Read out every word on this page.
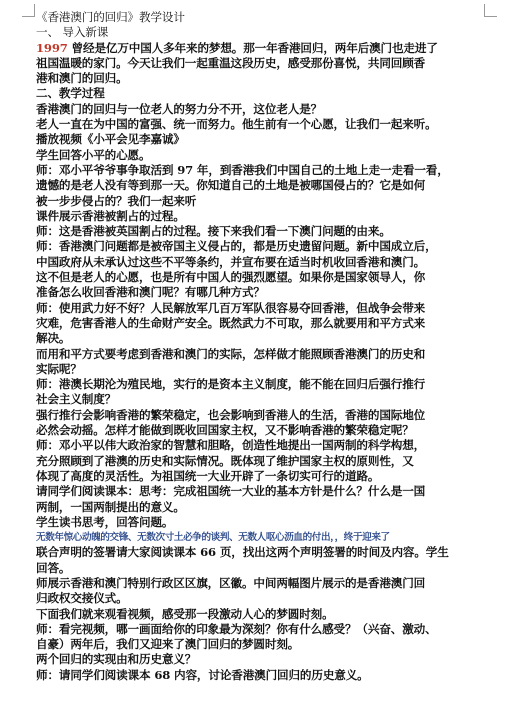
《香港澳门的回归》教学设计
一、 导入新课
1997 曾经是亿万中国人多年来的梦想。那一年香港回归，两年后澳门也走进了
祖国温暖的家门。今天让我们一起重温这段历史，感受那份喜悦，共同回顾香
港和澳门的回归。
二、教学过程
香港澳门的回归与一位老人的努力分不开，这位老人是？
老人一直在为中国的富强、统一而努力。他生前有一个心愿，让我们一起来听。
播放视频《小平会见李嘉诚》
学生回答小平的心愿。
师：邓小平爷爷事争取活到 97 年，到香港我们中国自己的土地上走一走看一看，
遗憾的是老人没有等到那一天。你知道自己的土地是被哪国侵占的？它是如何
被一步步侵占的？我们一起来听
课件展示香港被割占的过程。
师：这是香港被英国割占的过程。接下来我们看一下澳门问题的由来。
师：香港澳门问题都是被帝国主义侵占的，都是历史遗留问题。新中国成立后，
中国政府从未承认过这些不平等条约，并宣布要在适当时机收回香港和澳门。
这不但是老人的心愿，也是所有中国人的强烈愿望。如果你是国家领导人，你
准备怎么收回香港和澳门呢？有哪几种方式？
师：使用武力好不好？人民解放军几百万军队很容易夺回香港，但战争会带来
灾难，危害香港人的生命财产安全。既然武力不可取，那么就要用和平方式来
解决。
而用和平方式要考虑到香港和澳门的实际，怎样做才能照顾香港澳门的历史和
实际呢？
师：港澳长期沦为殖民地，实行的是资本主义制度，能不能在回归后强行推行
社会主义制度？
强行推行会影响香港的繁荣稳定，也会影响到香港人的生活，香港的国际地位
必然会动摇。怎样才能做到既收回国家主权，又不影响香港的繁荣稳定呢？
师：邓小平以伟大政治家的智慧和胆略，创造性地提出一国两制的科学构想，
充分照顾到了港澳的历史和实际情况。既体现了维护国家主权的原则性，又
体现了高度的灵活性。为祖国统一大业开辟了一条切实可行的道路。
请同学们阅读课本：思考：完成祖国统一大业的基本方针是什么？什么是一国
两制，一国两制提出的意义。
学生读书思考，回答问题。
无数年惊心动魄的交锋、无数次寸土必争的谈判、无数人呕心沥血的付出，，终于迎来了
联合声明的签署请大家阅读课本 66 页，找出这两个声明签署的时间及内容。学生
回答。
师展示香港和澳门特别行政区区旗，区徽。中间两幅图片展示的是香港澳门回
归政权交接仪式。
下面我们就来观看视频，感受那一段激动人心的梦圆时刻。
师：看完视频，哪一画面给你的印象最为深刻？你有什么感受？（兴奋、激动、
自豪）两年后，我们又迎来了澳门回归的梦圆时刻。
两个回归的实现由和历史意义？
师：请同学们阅读课本 68 内容，讨论香港澳门回归的历史意义。
